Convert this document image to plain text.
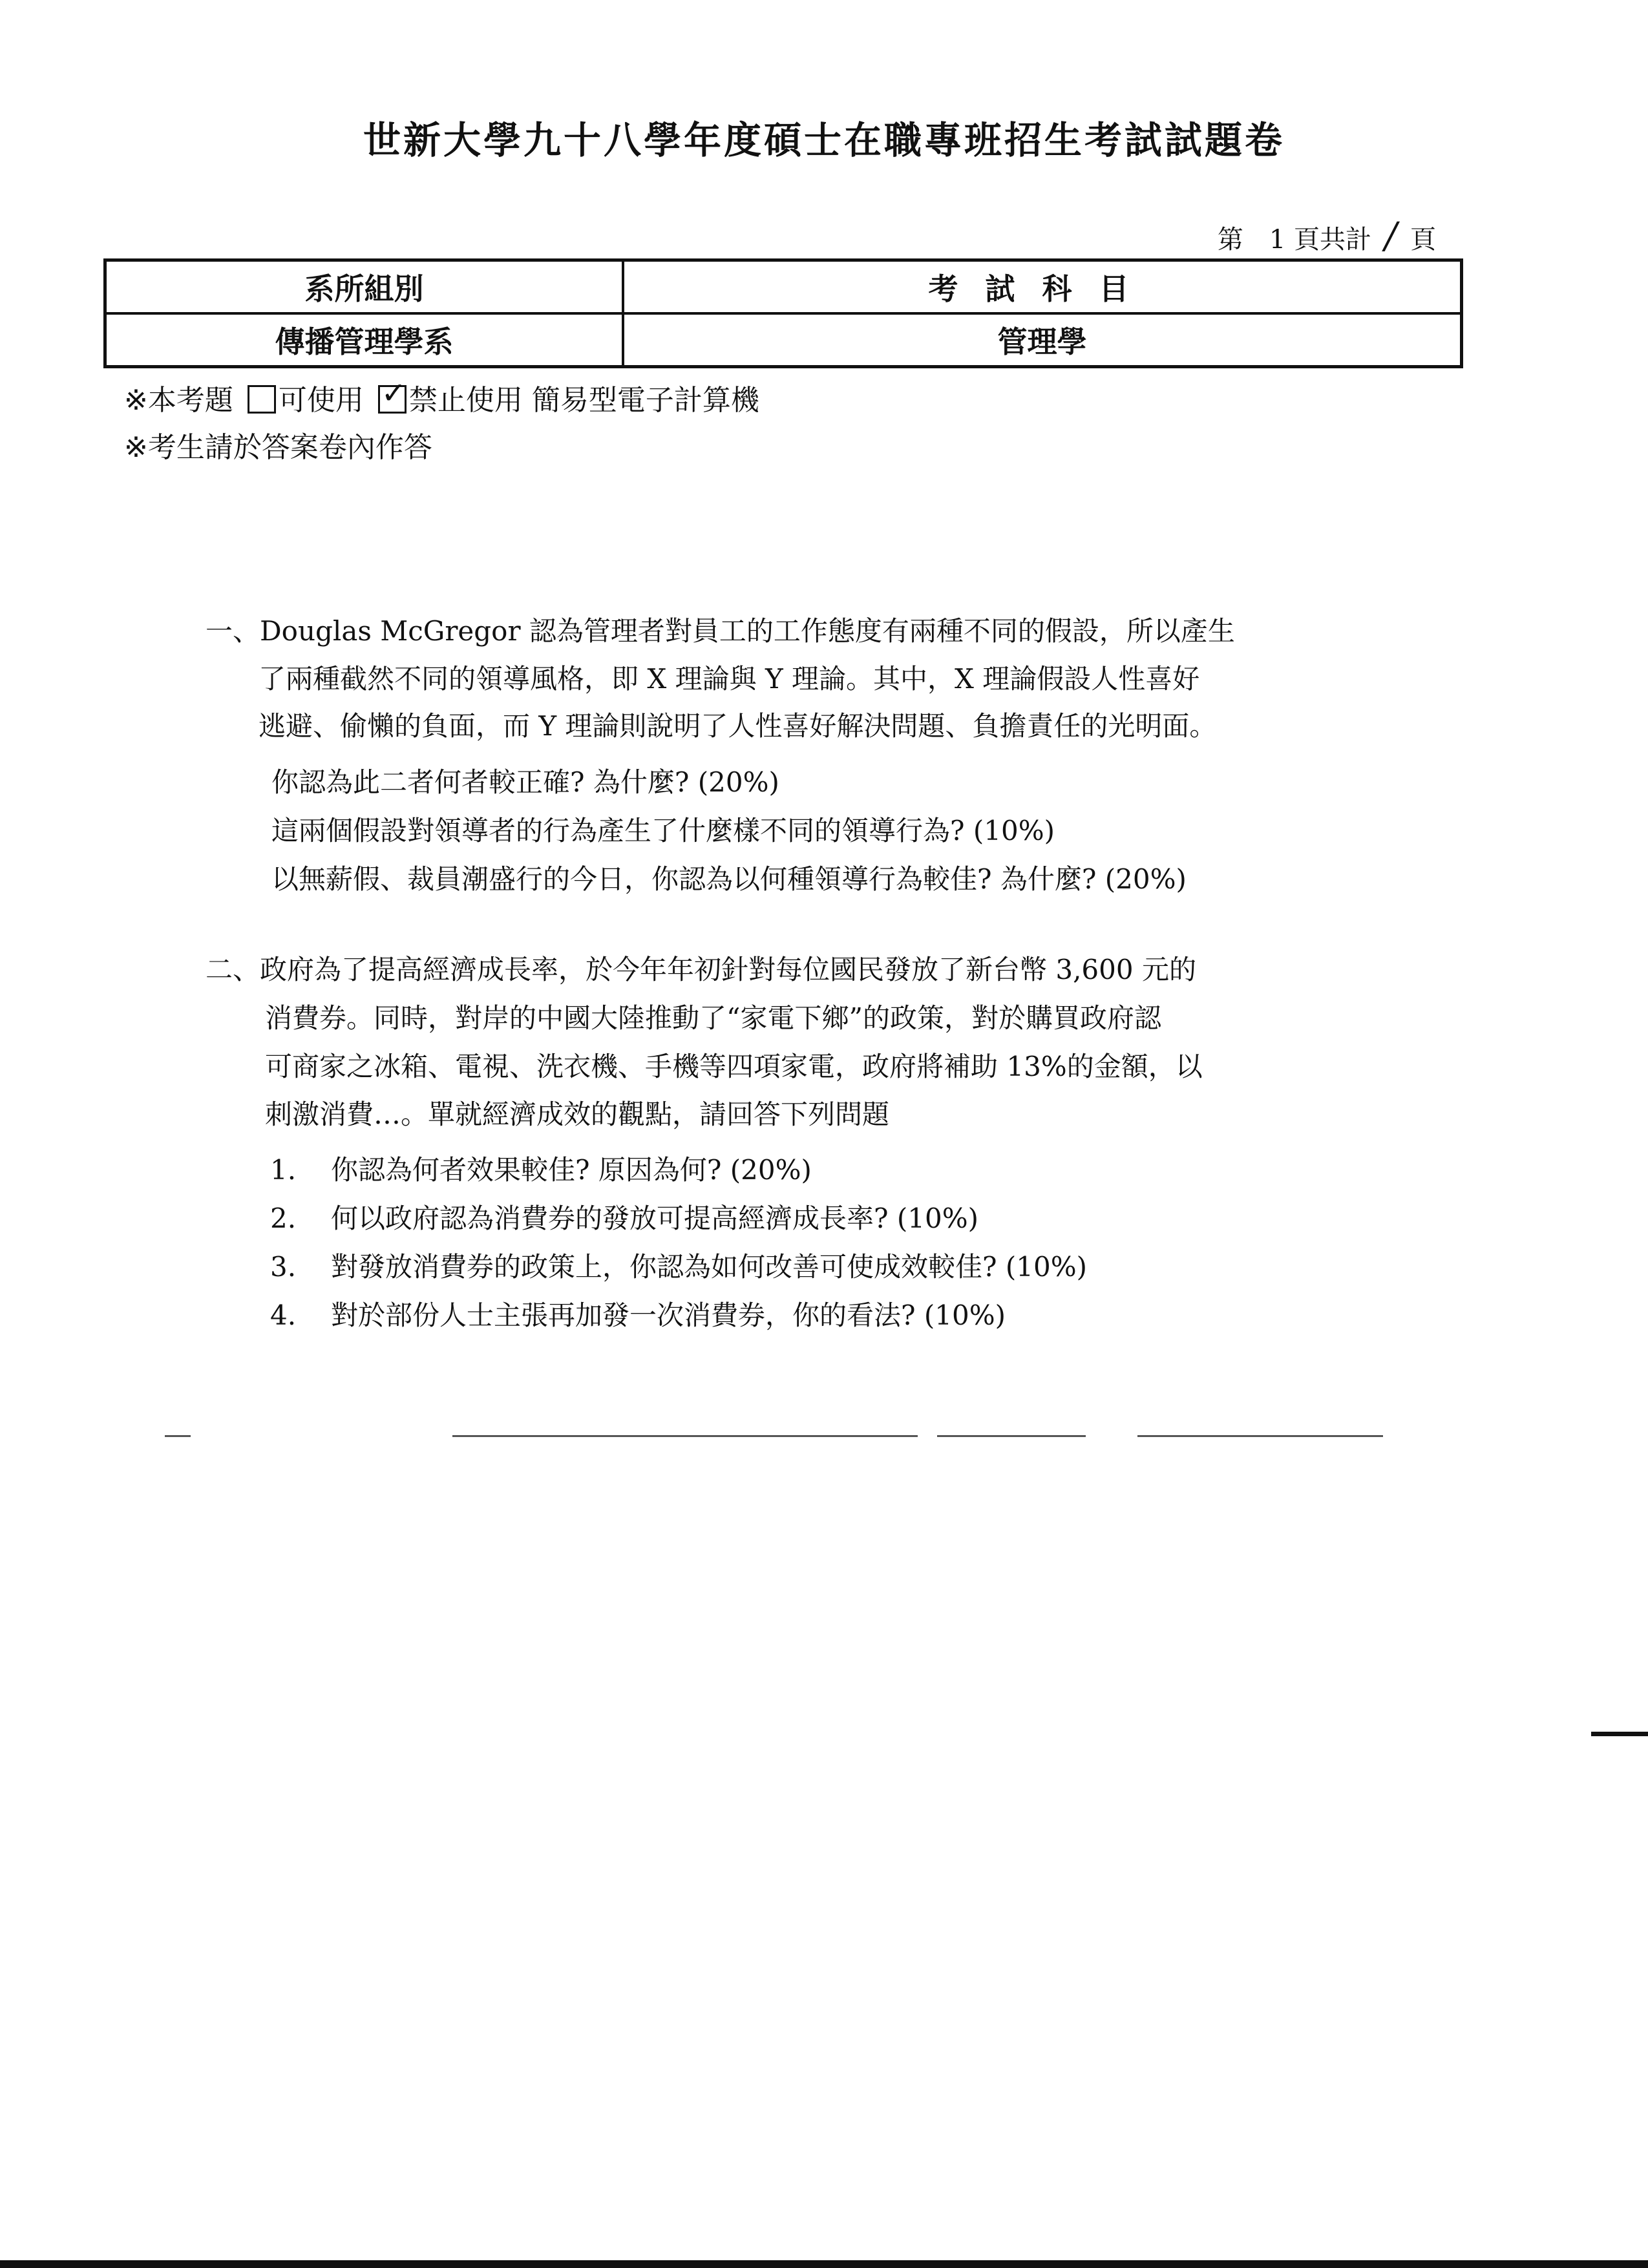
世新大學九十八學年度碩士在職專班招生考試試題卷
第　1 頁共計 / 頁
系所組別	考試科目
傳播管理學系	管理學
※本考題 可使用 ✓ 禁止使用 簡易型電子計算機
※考生請於答案卷內作答
一、Douglas McGregor 認為管理者對員工的工作態度有兩種不同的假設，所以產生
了兩種截然不同的領導風格，即 X 理論與 Y 理論。其中，X 理論假設人性喜好
逃避、偷懶的負面，而 Y 理論則說明了人性喜好解決問題、負擔責任的光明面。
你認為此二者何者較正確? 為什麼? (20%)
這兩個假設對領導者的行為產生了什麼樣不同的領導行為? (10%)
以無薪假、裁員潮盛行的今日，你認為以何種領導行為較佳? 為什麼? (20%)
二、政府為了提高經濟成長率，於今年年初針對每位國民發放了新台幣 3,600 元的
消費券。同時，對岸的中國大陸推動了“家電下鄉”的政策，對於購買政府認
可商家之冰箱、電視、洗衣機、手機等四項家電，政府將補助 13%的金額，以
刺激消費…。單就經濟成效的觀點，請回答下列問題
1. 你認為何者效果較佳? 原因為何? (20%)
2. 何以政府認為消費券的發放可提高經濟成長率? (10%)
3. 對發放消費券的政策上，你認為如何改善可使成效較佳? (10%)
4. 對於部份人士主張再加發一次消費券，你的看法? (10%)
